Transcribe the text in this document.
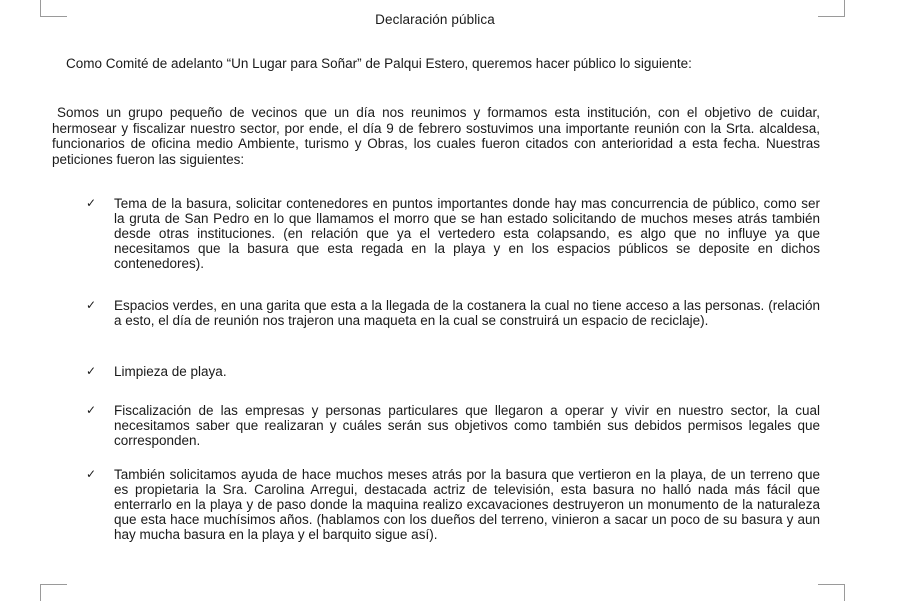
Declaración pública
Como Comité de adelanto “Un Lugar para Soñar” de Palqui Estero, queremos hacer público lo siguiente:
Somos un grupo pequeño de vecinos que un día nos reunimos y formamos esta institución, con el objetivo de cuidar, hermosear y fiscalizar nuestro sector, por ende, el día 9 de febrero sostuvimos una importante reunión con la Srta. alcaldesa, funcionarios de oficina medio Ambiente, turismo y Obras, los cuales fueron citados con anterioridad a esta fecha. Nuestras peticiones fueron las siguientes:
✓ Tema de la basura, solicitar contenedores en puntos importantes donde hay mas concurrencia de público, como ser la gruta de San Pedro en lo que llamamos el morro que se han estado solicitando de muchos meses atrás también desde otras instituciones. (en relación que ya el vertedero esta colapsando, es algo que no influye ya que necesitamos que la basura que esta regada en la playa y en los espacios públicos se deposite en dichos contenedores).
✓ Espacios verdes, en una garita que esta a la llegada de la costanera la cual no tiene acceso a las personas. (relación a esto, el día de reunión nos trajeron una maqueta en la cual se construirá un espacio de reciclaje).
✓ Limpieza de playa.
✓ Fiscalización de las empresas y personas particulares que llegaron a operar y vivir en nuestro sector, la cual necesitamos saber que realizaran y cuáles serán sus objetivos como también sus debidos permisos legales que corresponden.
✓ También solicitamos ayuda de hace muchos meses atrás por la basura que vertieron en la playa, de un terreno que es propietaria la Sra. Carolina Arregui, destacada actriz de televisión, esta basura no halló nada más fácil que enterrarlo en la playa y de paso donde la maquina realizo excavaciones destruyeron un monumento de la naturaleza que esta hace muchísimos años. (hablamos con los dueños del terreno, vinieron a sacar un poco de su basura y aun hay mucha basura en la playa y el barquito sigue así).
